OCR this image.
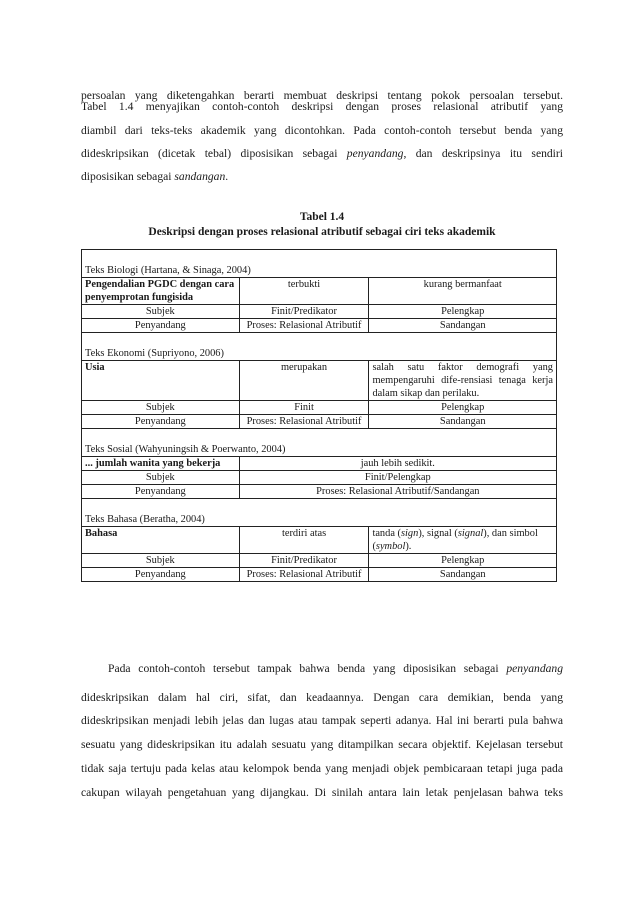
Tabel 1.4
Deskripsi dengan proses relasional atributif sebagai ciri teks akademik

Teks Biologi (Hartana, & Sinaga, 2004)		
Pengendalian PGDC dengan cara penyemprotan fungisida	terbukti	kurang bermanfaat
Subjek	Finit/Predikator	Pelengkap
Penyandang	Proses: Relasional Atributif	Sandangan

Teks Ekonomi (Supriyono, 2006)		
Usia	merupakan	salah satu faktor demografi yang mempengaruhi dife-rensiasi tenaga kerja dalam sikap dan perilaku.
Subjek	Finit	Pelengkap
Penyandang	Proses: Relasional Atributif	Sandangan

Teks Sosial (Wahyuningsih & Poerwanto, 2004)		
... jumlah wanita yang bekerja	jauh lebih sedikit.	
Subjek	Finit/Pelengkap	
Penyandang	Proses: Relasional Atributif/Sandangan	

Teks Bahasa (Beratha, 2004)		
Bahasa	terdiri atas	tanda (sign), signal (signal), dan simbol (symbol).
Subjek	Finit/Predikator	Pelengkap
Penyandang	Proses: Relasional Atributif	Sandangan
persoalan yang diketengahkan berarti membuat deskripsi tentang pokok persoalan tersebut.
Tabel 1.4 menyajikan contoh-contoh deskripsi dengan proses relasional atributif yang
diambil dari teks-teks akademik yang dicontohkan. Pada contoh-contoh tersebut benda yang
dideskripsikan (dicetak tebal) diposisikan sebagai penyandang, dan deskripsinya itu sendiri
diposisikan sebagai sandangan.
Pada contoh-contoh tersebut tampak bahwa benda yang diposisikan sebagai penyandang
dideskripsikan dalam hal ciri, sifat, dan keadaannya. Dengan cara demikian, benda yang
dideskripsikan menjadi lebih jelas dan lugas atau tampak seperti adanya. Hal ini berarti pula bahwa
sesuatu yang dideskripsikan itu adalah sesuatu yang ditampilkan secara objektif. Kejelasan tersebut
tidak saja tertuju pada kelas atau kelompok benda yang menjadi objek pembicaraan tetapi juga pada
cakupan wilayah pengetahuan yang dijangkau. Di sinilah antara lain letak penjelasan bahwa teks
